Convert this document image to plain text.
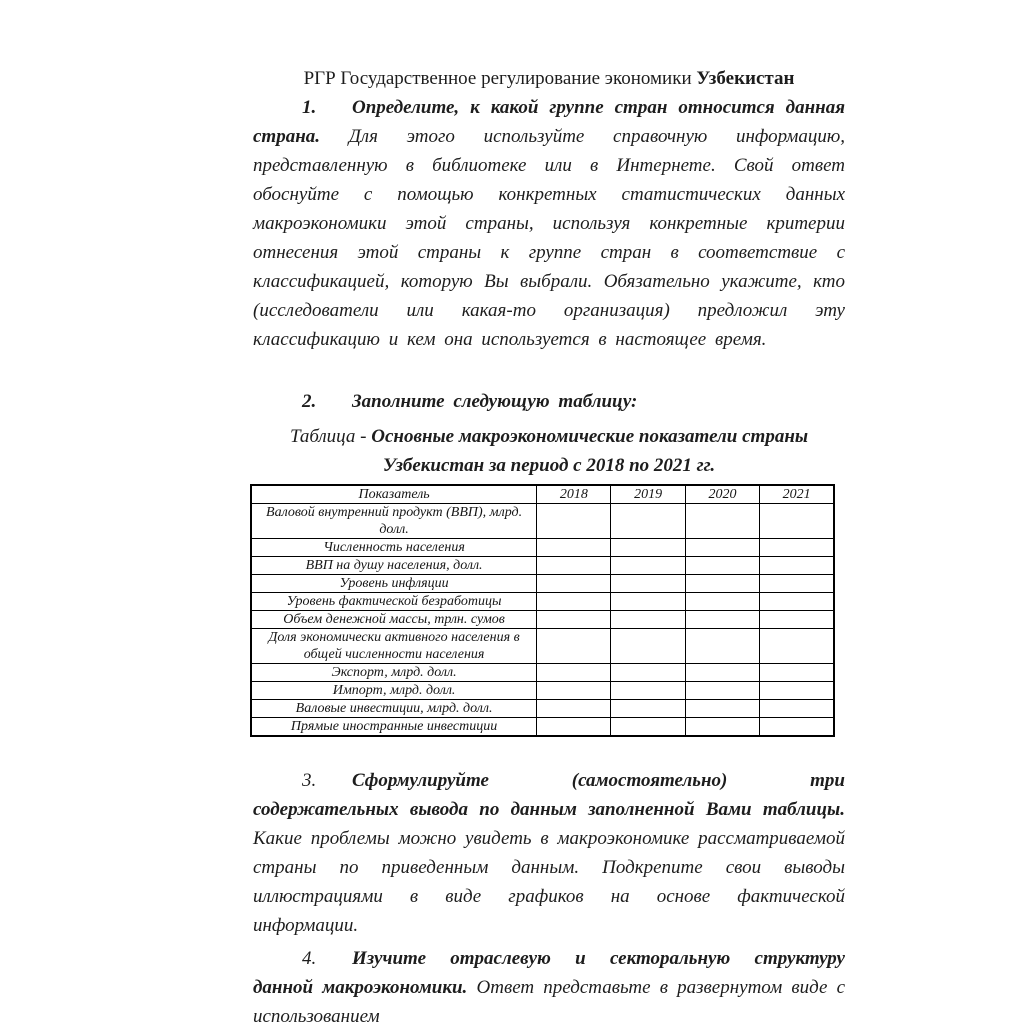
РГР Государственное регулирование экономики Узбекистан

1. Определите, к какой группе стран относится данная страна. Для этого используйте справочную информацию, представленную в библиотеке или в Интернете. Свой ответ обоснуйте с помощью конкретных статистических данных макроэкономики этой страны, используя конкретные критерии отнесения этой страны к группе стран в соответствие с классификацией, которую Вы выбрали. Обязательно укажите, кто (исследователи или какая-то организация) предложил эту классификацию и кем она используется в настоящее время.

2. Заполните следующую таблицу:

Таблица - Основные макроэкономические показатели страны
Узбекистан за период с 2018 по 2021 гг.
Показатель	2018	2019	2020	2021
Валовой внутренний продукт (ВВП), млрд. долл.				
Численность населения				
ВВП на душу населения, долл.				
Уровень инфляции				
Уровень фактической безработицы				
Объем денежной массы, трлн. сумов				
Доля экономически активного населения в общей численности населения				
Экспорт, млрд. долл.				
Импорт, млрд. долл.				
Валовые инвестиции, млрд. долл.				
Прямые иностранные инвестиции				

3. Сформулируйте (самостоятельно) три содержательных вывода по данным заполненной Вами таблицы. Какие проблемы можно увидеть в макроэкономике рассматриваемой страны по приведенным данным. Подкрепите свои выводы иллюстрациями в виде графиков на основе фактической информации.

4. Изучите отраслевую и секторальную структуру данной макроэкономики. Ответ представьте в развернутом виде с использованием
